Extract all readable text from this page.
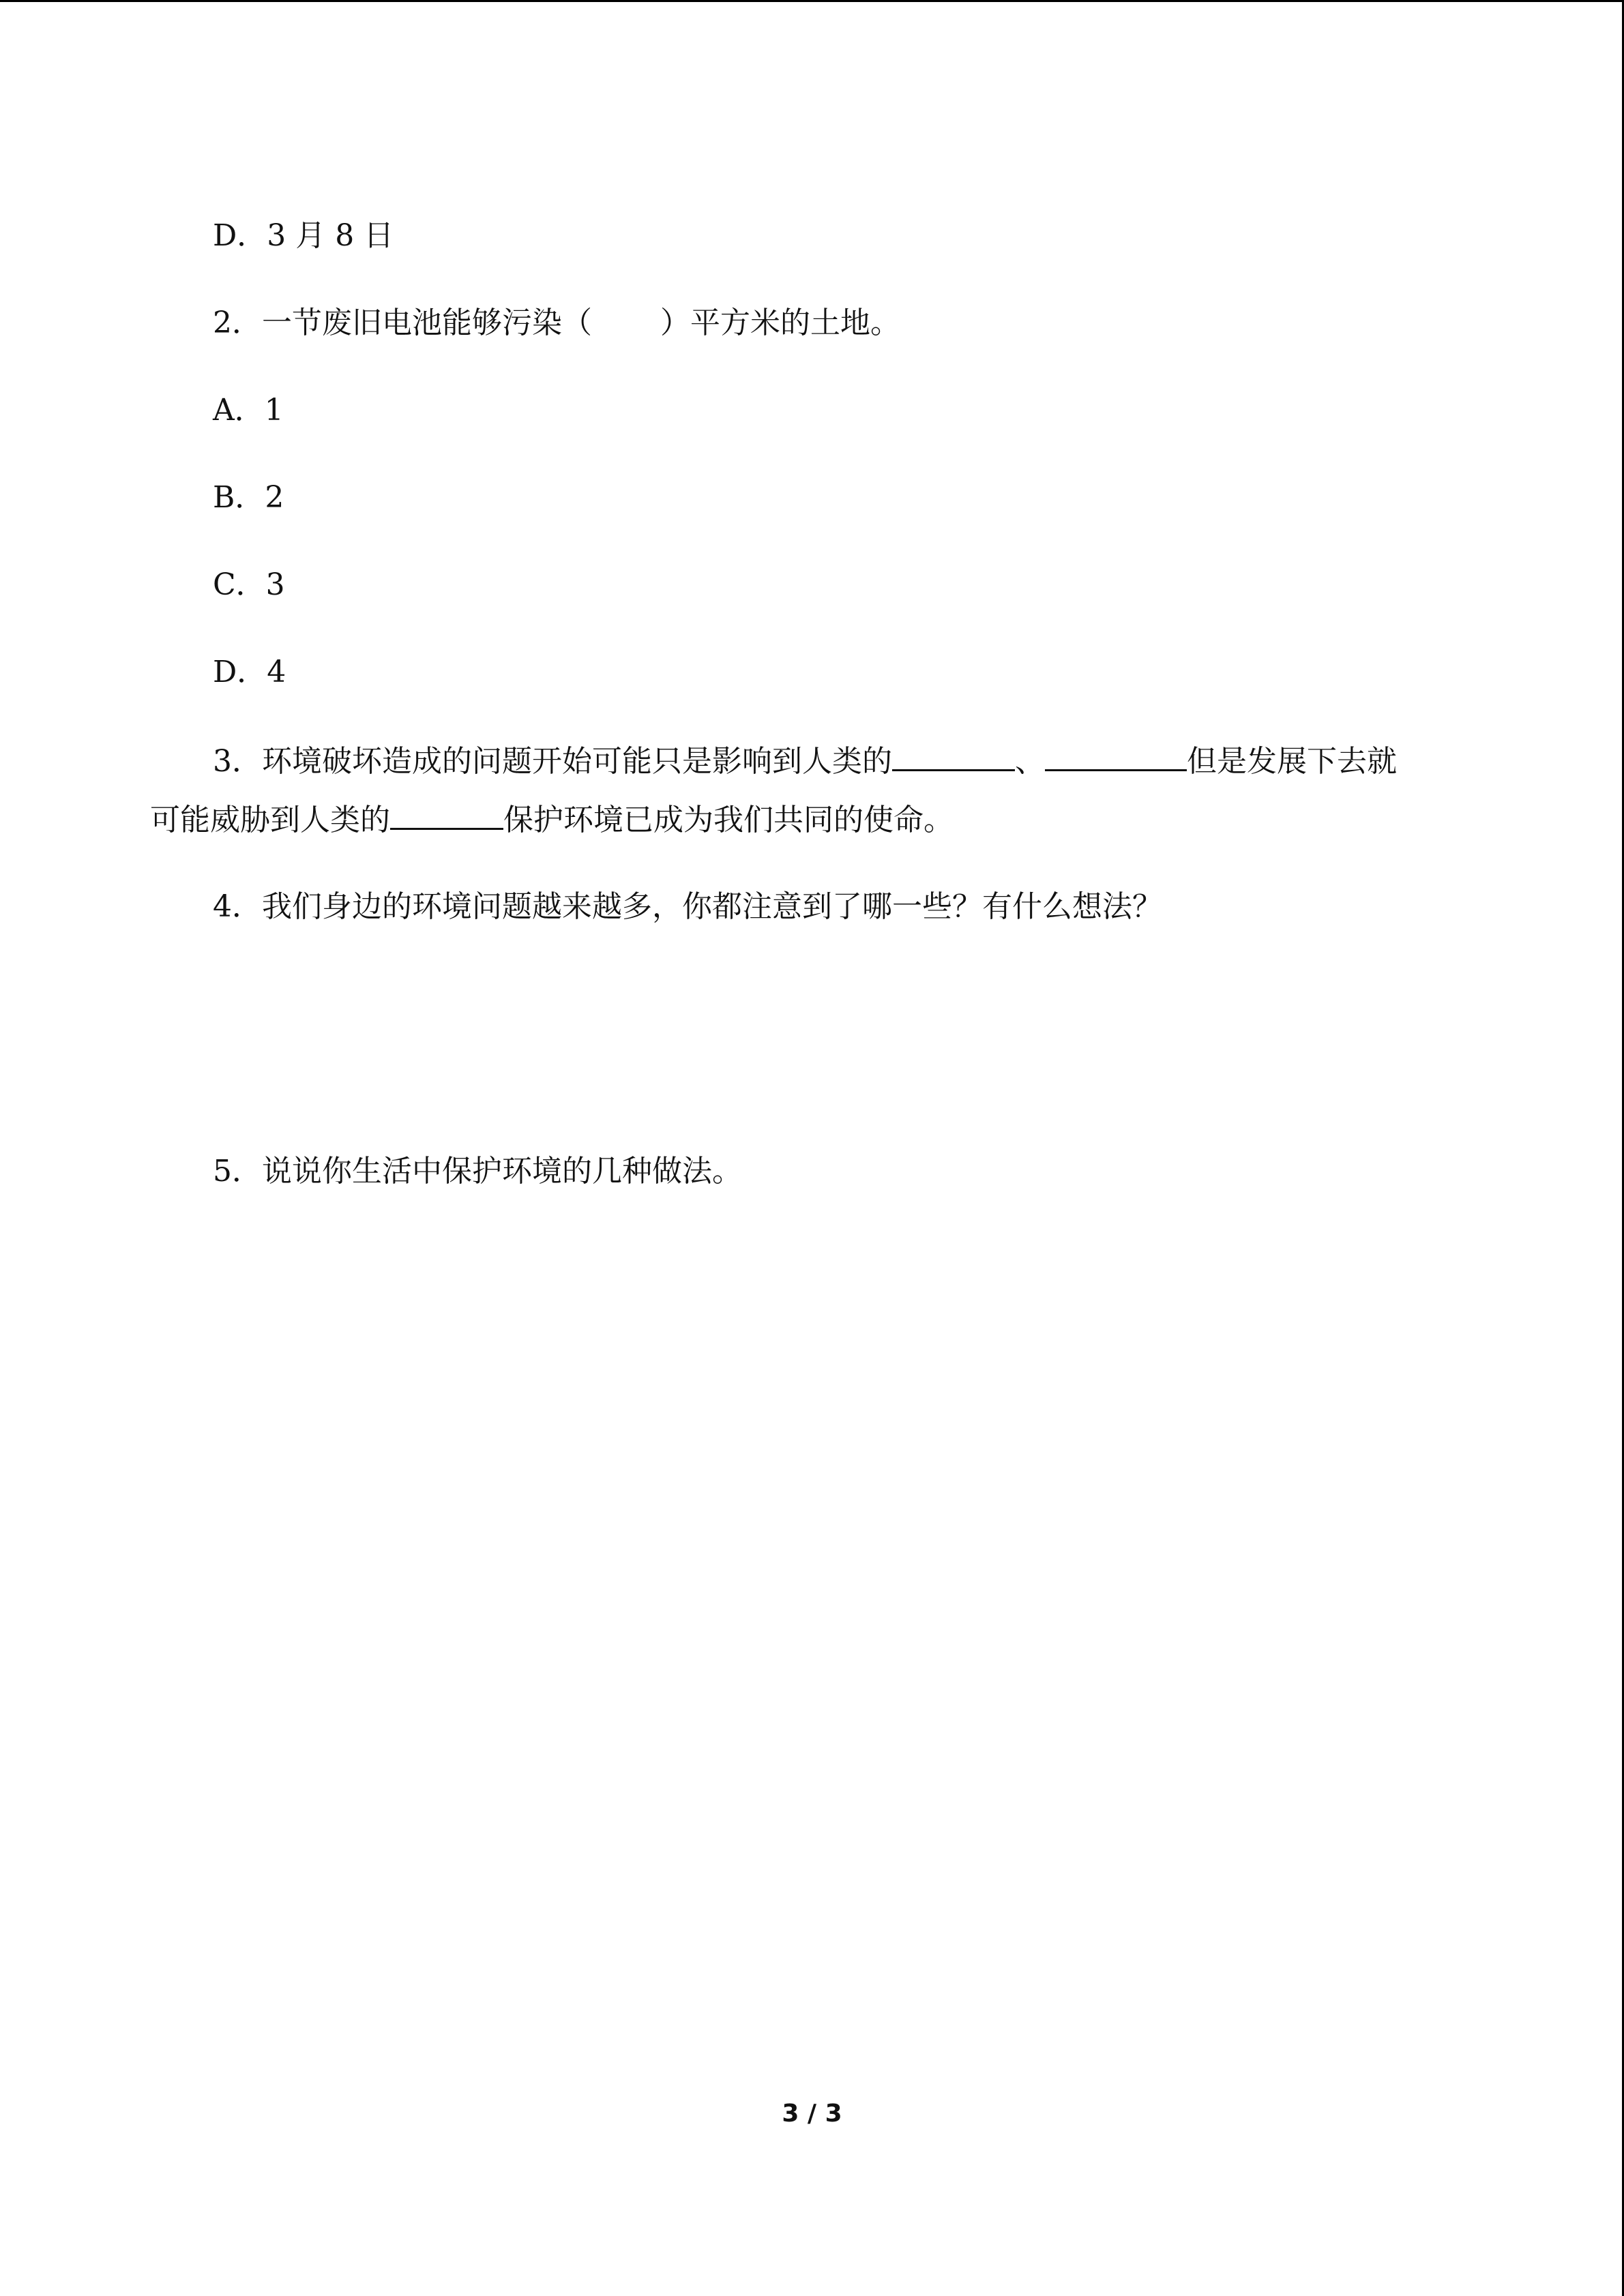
D．3 月 8 日
2．一节废旧电池能够污染（ ）平方米的土地。
A．1
B．2
C．3
D．4
3．环境破坏造成的问题开始可能只是影响到人类的	、	但是发展下去就
可能威胁到人类的	保护环境已成为我们共同的使命。
4．我们身边的环境问题越来越多，你都注意到了哪一些？有什么想法？
5．说说你生活中保护环境的几种做法。
3 / 3
